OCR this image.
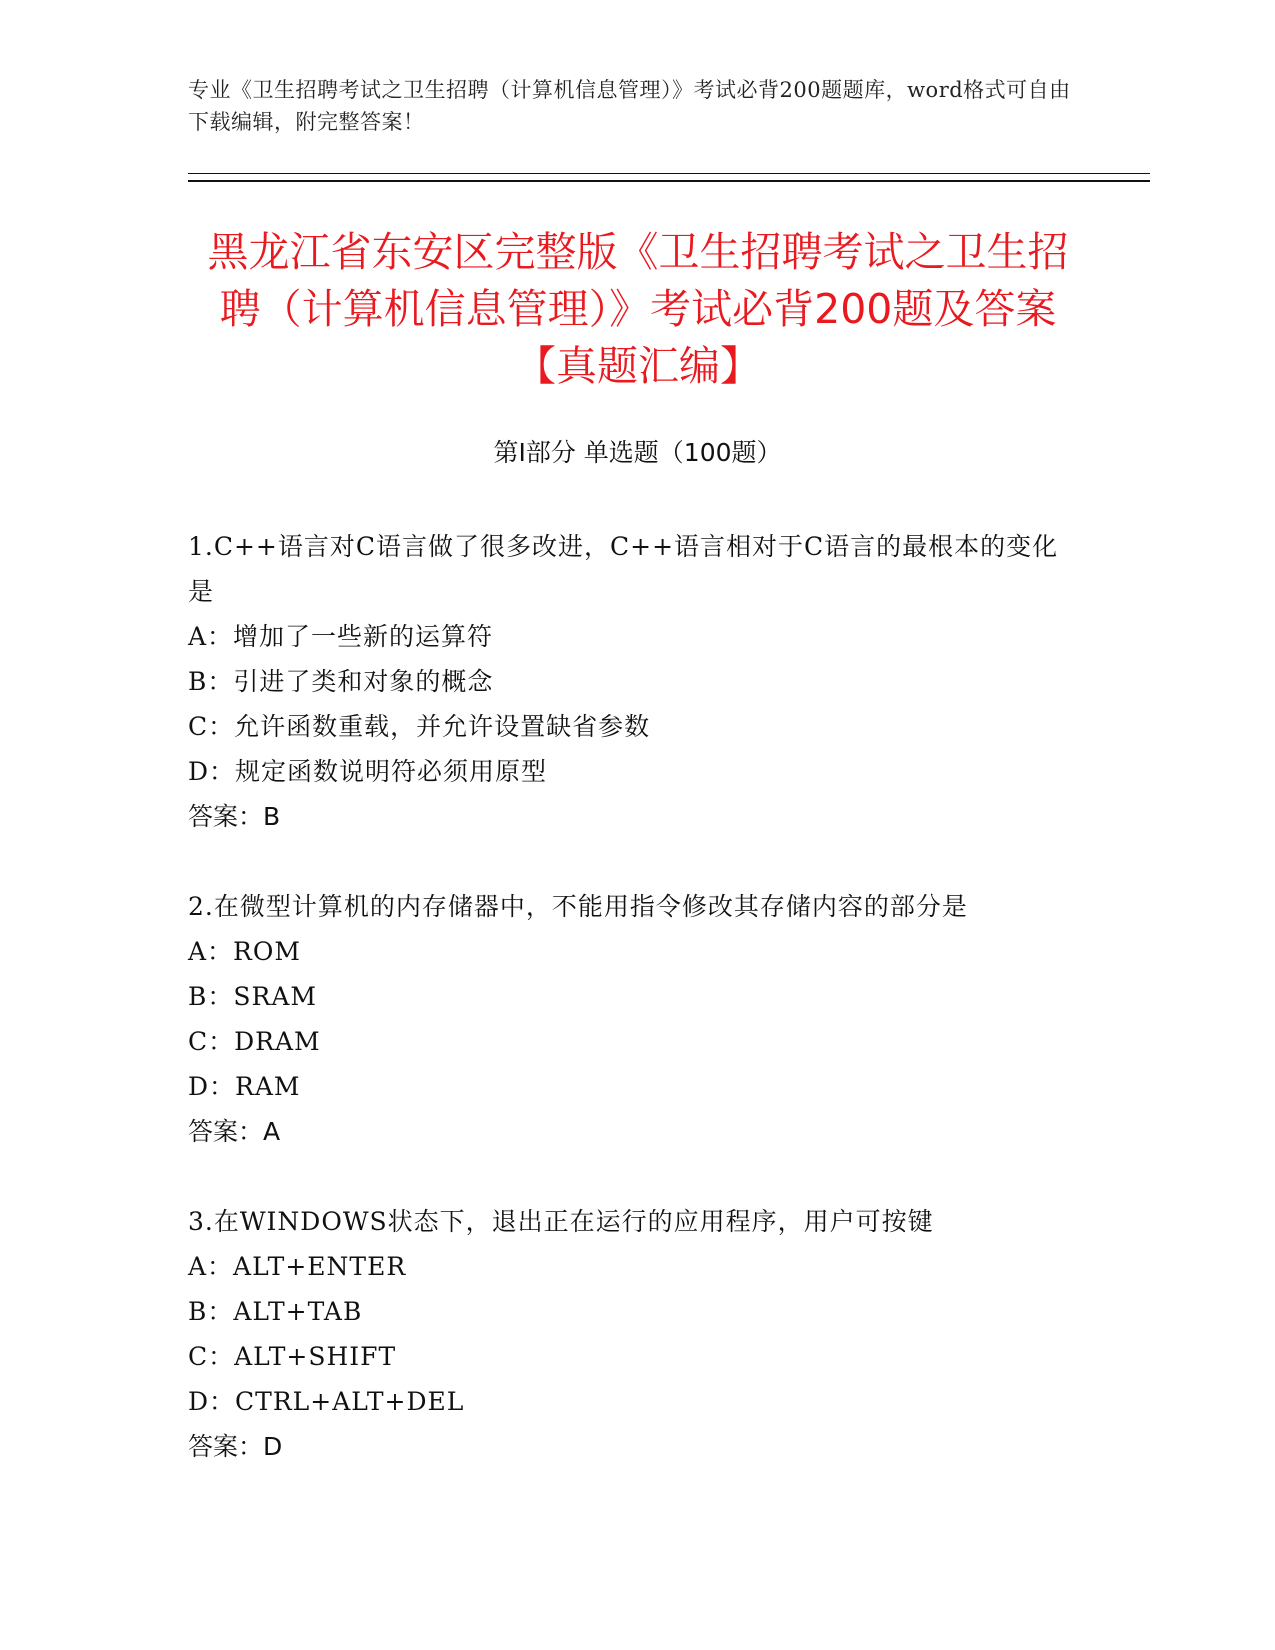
专业《卫生招聘考试之卫生招聘（计算机信息管理）》考试必背200题题库，word格式可自由下载编辑，附完整答案！
黑龙江省东安区完整版《卫生招聘考试之卫生招聘（计算机信息管理）》考试必背200题及答案【真题汇编】
第Ⅰ部分 单选题（100题）

1.C++语言对C语言做了很多改进，C++语言相对于C语言的最根本的变化是

A：增加了一些新的运算符

B：引进了类和对象的概念

C：允许函数重载，并允许设置缺省参数

D：规定函数说明符必须用原型

答案：B

2.在微型计算机的内存储器中，不能用指令修改其存储内容的部分是

A：ROM

B：SRAM

C：DRAM

D：RAM

答案：A

3.在WINDOWS状态下，退出正在运行的应用程序，用户可按键

A：ALT+ENTER

B：ALT+TAB

C：ALT+SHIFT

D：CTRL+ALT+DEL

答案：D
